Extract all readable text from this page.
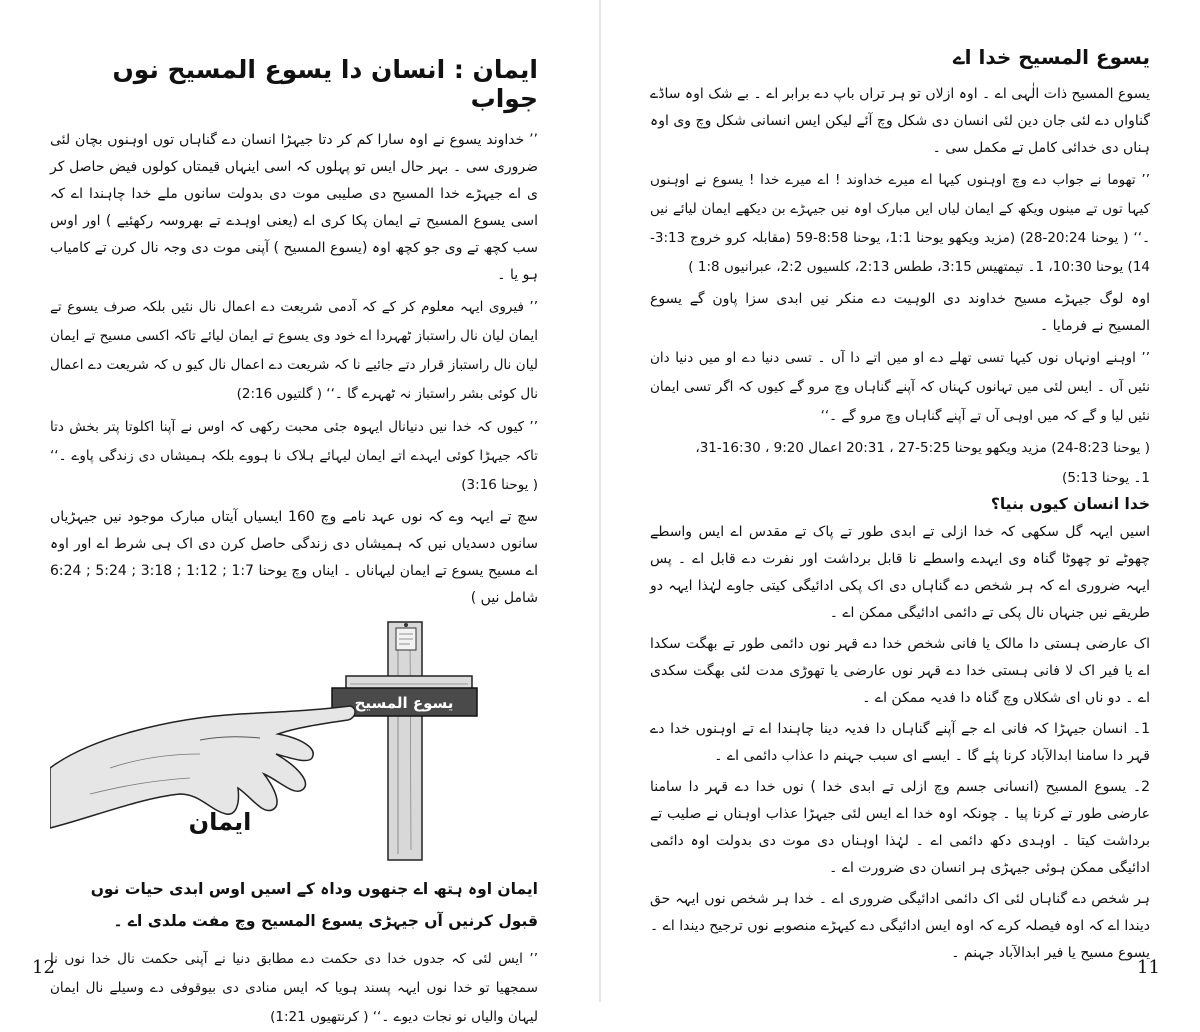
ایمان : انسان دا یسوع المسیح نوں جواب
’’ خداوند یسوع نے اوہ سارا کم کر دتا جیہڑا انسان دے گناہاں توں اوہنوں بچان لئی ضروری سی ۔ بہر حال ایس تو پہلوں کہ اسی اینہاں قیمتاں کولوں فیض حاصل کر ی اے جیہڑے خدا المسیح دی صلیبی موت دی بدولت سانوں ملے خدا چاہندا اے کہ اسی یسوع المسیح تے ایمان پکا کری اے (یعنی اوہدے تے بھروسہ رکھئیے ) اور اوس سب کچھ تے وی جو کچھ اوہ (یسوع المسیح ) آپنی موت دی وجہ نال کرن تے کامیاب ہو یا ۔
’’ فیروی ایہہ معلوم کر کے کہ آدمی شریعت دے اعمال نال نئیں بلکہ صرف یسوع تے ایمان لیان نال راستباز ٹھہردا اے خود وی یسوع تے ایمان لیائے تاکہ اکسی مسیح تے ایمان لیان نال راستباز قرار دتے جائیے نا کہ شریعت دے اعمال نال کیو ں کہ شریعت دے اعمال نال کوئی بشر راستباز نہ ٹھہرے گا ۔‘‘ ( گلتیوں 2:16)
’’ کیوں کہ خدا نیں دنیانال ایہوہ جئی محبت رکھی کہ اوس نے آپنا اکلوتا پتر بخش دتا تاکہ جیہڑا کوئی ایہدے اتے ایمان لیہائے ہلاک نا ہووے بلکہ ہمیشاں دی زندگی پاوے ۔‘‘ ( یوحنا 3:16)
سچ تے ایہہ وے کہ نوں عہد نامے وچ 160 ایسیاں آیتاں مبارک موجود نیں جیہڑیاں سانوں دسدیاں نیں کہ ہمیشاں دی زندگی حاصل کرن دی اک ہی شرط اے اور اوہ اے مسیح یسوع تے ایمان لیہاناں ۔ ایناں وچ یوحنا 1:7 ; 1:12 ; 3:18 ; 5:24 ; 6:24 شامل نیں )
یسوع المسیح
ایمان
ایمان اوہ ہتھ اے جنھوں وداہ کے اسیں اوس ابدی حیات نوں قبول کرنیں آں جیہڑی یسوع المسیح وچ مفت ملدی اے ۔
’’ ایس لئی کہ جدوں خدا دی حکمت دے مطابق دنیا نے آپنی حکمت نال خدا نوں نا سمجھیا تو خدا نوں ایہہ پسند ہویا کہ ایس منادی دی بیوقوفی دے وسیلے نال ایمان لیہان والیاں نو نجات دیوے ۔‘‘ ( کرنتھیوں 1:21)
12
یسوع المسیح خدا اے
یسوع المسیح ذات الٰہی اے ۔ اوہ ازلاں تو ہر تراں باپ دے برابر اے ۔ بے شک اوہ ساڈے گناواں دے لئی جان دین لئی انسان دی شکل وچ آئے لیکن ایس انسانی شکل وچ وی اوہ ہناں دی خدائی کامل تے مکمل سی ۔
’’ تھوما نے جواب دے وچ اوہنوں کیہا اے میرے خداوند ! اے میرے خدا ! یسوع نے اوہنوں کیہا توں تے مینوں ویکھ کے ایمان لیاں ایں مبارک اوہ نیں جیہڑے بن دیکھے ایمان لیائے نیں ۔‘‘ ( یوحنا 20:24-28) (مزید ویکھو یوحنا 1:1، یوحنا 8:58-59 (مقابلہ کرو خروج 3:13-14) یوحنا 10:30، 1۔ تیمتھیس 3:15، ططس 2:13، کلسیوں 2:2، عبرانیوں 1:8 )
اوہ لوگ جیہڑے مسیح خداوند دی الوہیت دے منکر نیں ابدی سزا پاون گے یسوع المسیح نے فرمایا ۔
’’ اوہنے اونہاں نوں کیہا تسی تھلے دے او میں اتے دا آں ۔ تسی دنیا دے او میں دنیا دان نئیں آں ۔ ایس لئی میں تہانوں کہناں کہ آپنے گناہاں وچ مرو گے کیوں کہ اگر تسی ایمان نئیں لیا و گے کہ میں اوہی آں تے آپنے گناہاں وچ مرو گے ۔‘‘
( یوحنا 8:23-24) مزید ویکھو یوحنا 5:25-27 ، 20:31 اعمال 9:20 ، 16:30-31،
1۔ یوحنا 5:13)
خدا انسان کیوں بنیا؟
اسیں ایہہ گل سکھی کہ خدا ازلی تے ابدی طور تے پاک تے مقدس اے ایس واسطے چھوٹے تو چھوٹا گناہ وی ایہدے واسطے نا قابل برداشت اور نفرت دے قابل اے ۔ پس ایہہ ضروری اے کہ ہر شخص دے گناہاں دی اک پکی ادائیگی کیتی جاوے لہٰذا ایہہ دو طریقے نیں جنہاں نال پکی تے دائمی ادائیگی ممکن اے ۔
اک عارضی ہستی دا مالک یا فانی شخص خدا دے قہر نوں دائمی طور تے بھگت سکدا اے یا فیر اک لا فانی ہستی خدا دے قہر نوں عارضی یا تھوڑی مدت لئی بھگت سکدی اے ۔ دو ناں ای شکلاں وچ گناہ دا فدیہ ممکن اے ۔
1۔ انسان جیہڑا کہ فانی اے جے آپنے گناہاں دا فدیہ دینا چاہندا اے تے اوہنوں خدا دے قہر دا سامنا ابدالآباد کرنا پئے گا ۔ ایسے ای سبب جہنم دا عذاب دائمی اے ۔
2۔ یسوع المسیح (انسانی جسم وچ ازلی تے ابدی خدا ) نوں خدا دے قہر دا سامنا عارضی طور تے کرنا پیا ۔ چونکہ اوہ خدا اے ایس لئی جیہڑا عذاب اوہناں نے صلیب تے برداشت کیتا ۔ اوہدی دکھ دائمی اے ۔ لہٰذا اوہناں دی موت دی بدولت اوہ دائمی ادائیگی ممکن ہوئی جیہڑی ہر انسان دی ضرورت اے ۔
ہر شخص دے گناہاں لئی اک دائمی ادائیگی ضروری اے ۔ خدا ہر شخص نوں ایہہ حق دیندا اے کہ اوہ فیصلہ کرے کہ اوہ ایس ادائیگی دے کیہڑے منصوبے نوں ترجیح دیندا اے ۔ یسوع مسیح یا فیر ابدالآباد جہنم ۔
11
